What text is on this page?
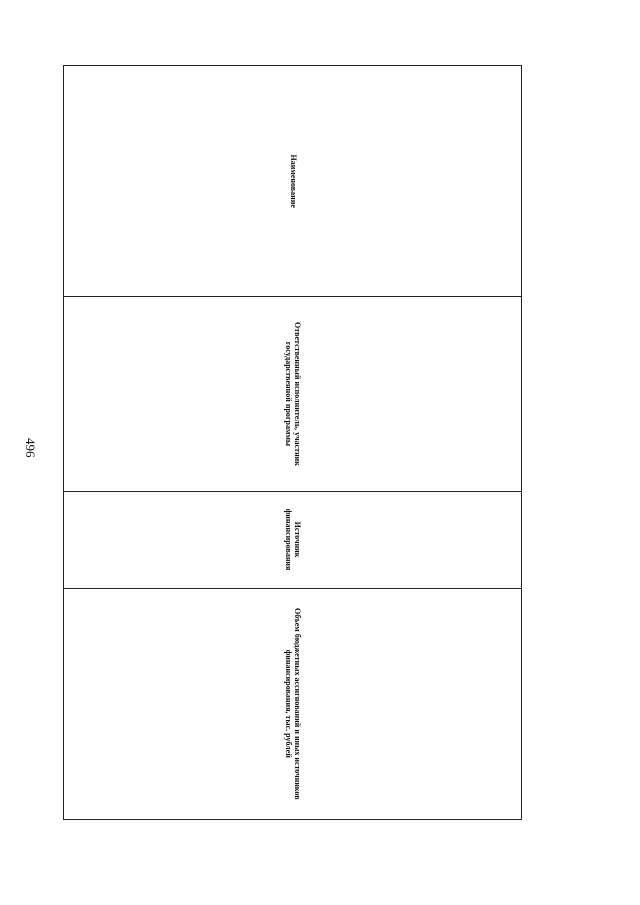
496
Наименование	Ответственный исполнитель, участник государственной программы	Источник финансирования	Объем бюджетных ассигнований и иных источников финансирования, тыс. рублей
